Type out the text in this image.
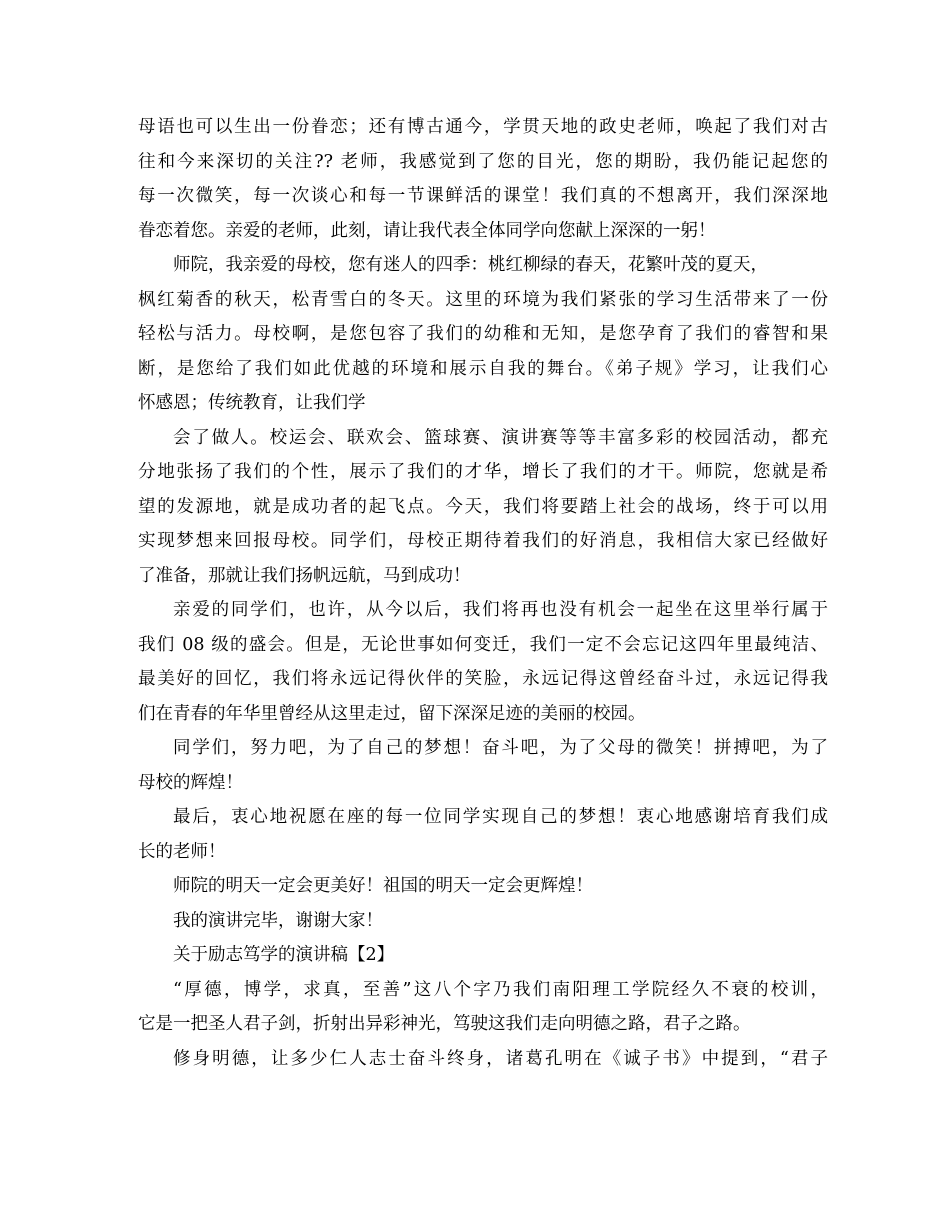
母语也可以生出一份眷恋；还有博古通今，学贯天地的政史老师，唤起了我们对古
往和今来深切的关注?? 老师，我感觉到了您的目光，您的期盼，我仍能记起您的
每一次微笑，每一次谈心和每一节课鲜活的课堂！我们真的不想离开，我们深深地
眷恋着您。亲爱的老师，此刻，请让我代表全体同学向您献上深深的一躬！
师院，我亲爱的母校，您有迷人的四季：桃红柳绿的春天，花繁叶茂的夏天，
枫红菊香的秋天，松青雪白的冬天。这里的环境为我们紧张的学习生活带来了一份
轻松与活力。母校啊，是您包容了我们的幼稚和无知，是您孕育了我们的睿智和果
断，是您给了我们如此优越的环境和展示自我的舞台。《弟子规》学习，让我们心
怀感恩；传统教育，让我们学
会了做人。校运会、联欢会、篮球赛、演讲赛等等丰富多彩的校园活动，都充
分地张扬了我们的个性，展示了我们的才华，增长了我们的才干。师院，您就是希
望的发源地，就是成功者的起飞点。今天，我们将要踏上社会的战场，终于可以用
实现梦想来回报母校。同学们，母校正期待着我们的好消息，我相信大家已经做好
了准备，那就让我们扬帆远航，马到成功！
亲爱的同学们，也许，从今以后，我们将再也没有机会一起坐在这里举行属于
我们 08 级的盛会。但是，无论世事如何变迁，我们一定不会忘记这四年里最纯洁、
最美好的回忆，我们将永远记得伙伴的笑脸，永远记得这曾经奋斗过，永远记得我
们在青春的年华里曾经从这里走过，留下深深足迹的美丽的校园。
同学们，努力吧，为了自己的梦想！奋斗吧，为了父母的微笑！拼搏吧，为了
母校的辉煌！
最后，衷心地祝愿在座的每一位同学实现自己的梦想！衷心地感谢培育我们成
长的老师！
师院的明天一定会更美好！祖国的明天一定会更辉煌！
我的演讲完毕，谢谢大家！
关于励志笃学的演讲稿【2】
“厚德，博学，求真，至善”这八个字乃我们南阳理工学院经久不衰的校训，
它是一把圣人君子剑，折射出异彩神光，笃驶这我们走向明德之路，君子之路。
修身明德，让多少仁人志士奋斗终身，诸葛孔明在《诚子书》中提到，“君子
